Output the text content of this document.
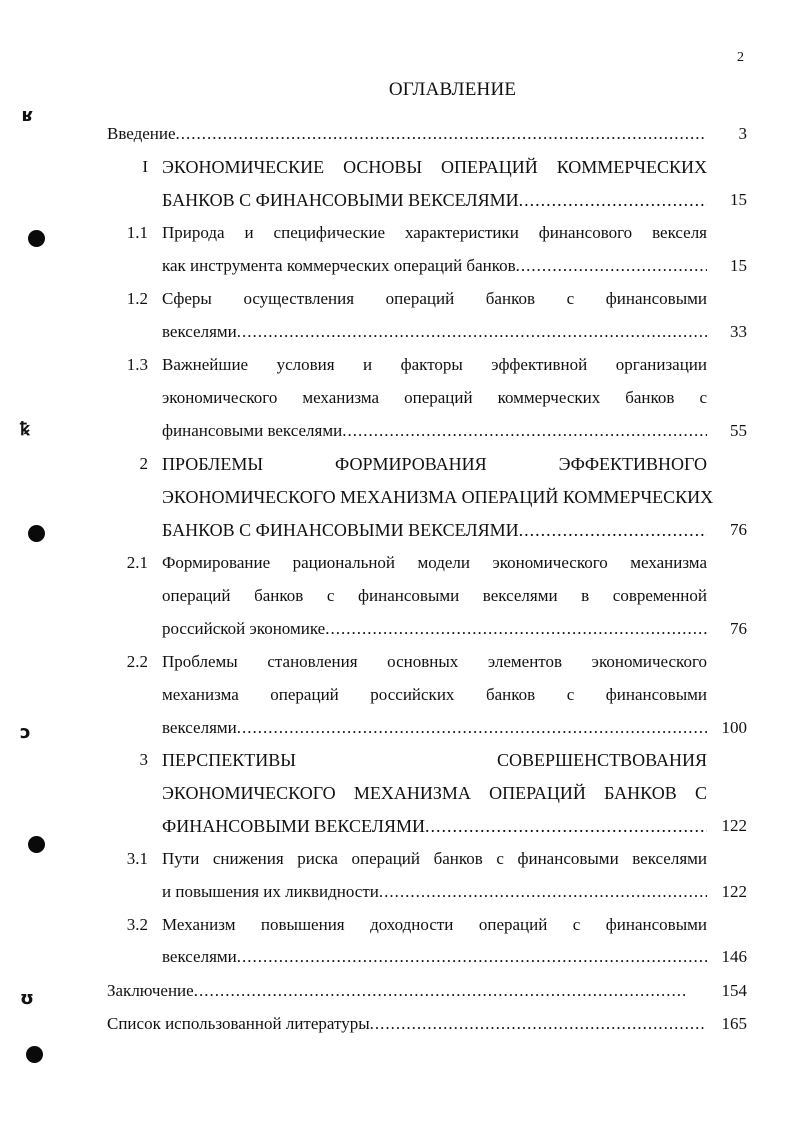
2
ОГЛАВЛЕНИЕ
Введение .....	3
I ЭКОНОМИЧЕСКИЕ ОСНОВЫ ОПЕРАЦИЙ КОММЕРЧЕСКИХ
БАНКОВ С ФИНАНСОВЫМИ ВЕКСЕЛЯМИ .....	15
1.1 Природа и специфические характеристики финансового векселя
как инструмента коммерческих операций банков .....	15
1.2 Сферы осуществления операций банков с финансовыми
векселями .....	33
1.3 Важнейшие условия и факторы эффективной организации
экономического механизма операций коммерческих банков с
финансовыми векселями .....	55
2 ПРОБЛЕМЫ ФОРМИРОВАНИЯ ЭФФЕКТИВНОГО
ЭКОНОМИЧЕСКОГО МЕХАНИЗМА ОПЕРАЦИЙ КОММЕРЧЕСКИХ
БАНКОВ С ФИНАНСОВЫМИ ВЕКСЕЛЯМИ .....	76
2.1 Формирование рациональной модели экономического механизма
операций банков с финансовыми векселями в современной
российской экономике .....	76
2.2 Проблемы становления основных элементов экономического
механизма операций российских банков с финансовыми
векселями .....	100
3 ПЕРСПЕКТИВЫ СОВЕРШЕНСТВОВАНИЯ
ЭКОНОМИЧЕСКОГО МЕХАНИЗМА ОПЕРАЦИЙ БАНКОВ С
ФИНАНСОВЫМИ ВЕКСЕЛЯМИ .....	122
3.1 Пути снижения риска операций банков с финансовыми векселями
и повышения их ликвидности .....	122
3.2 Механизм повышения доходности операций с финансовыми
векселями .....	146
Заключение .....	154
Список использованной литературы .....	165
ʁ
ꝅ
ↄ
ʊ
